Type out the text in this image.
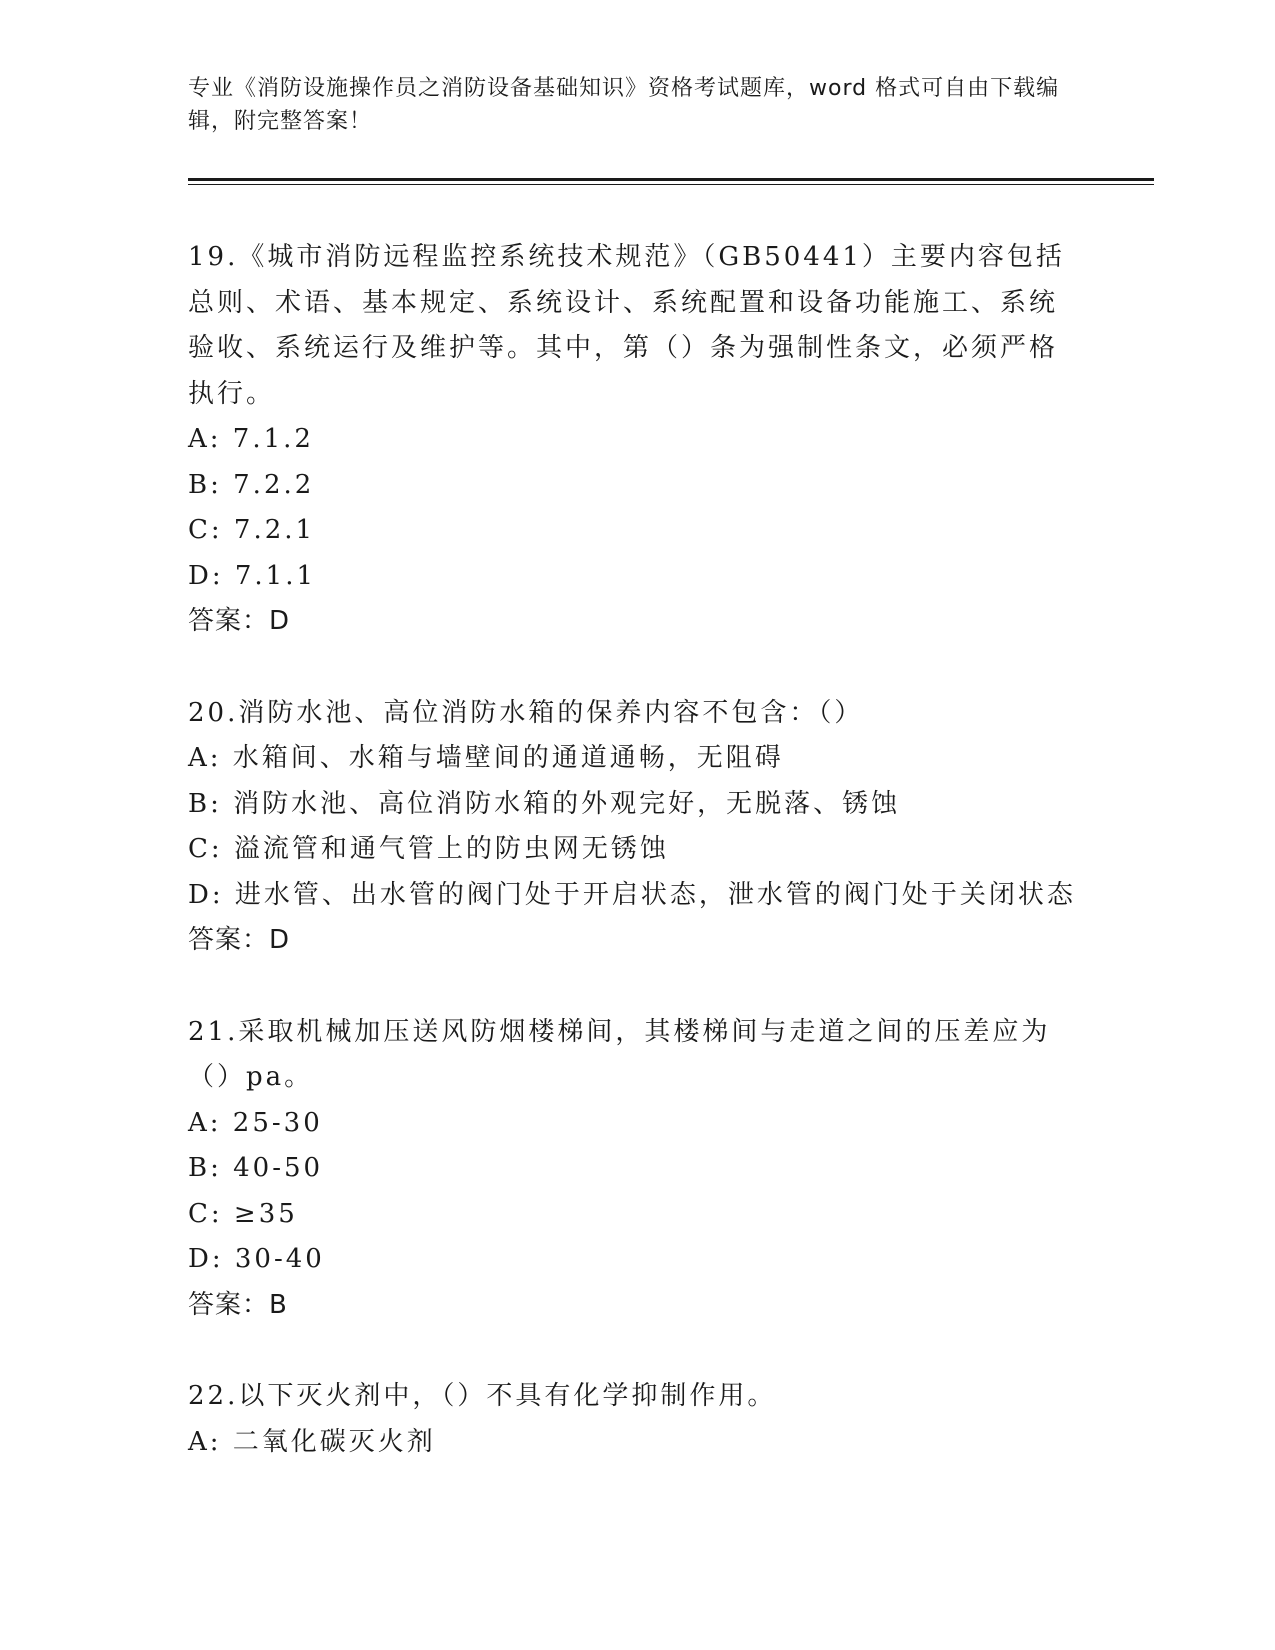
专业《消防设施操作员之消防设备基础知识》资格考试题库，word 格式可自由下载编辑，附完整答案！
19.《城市消防远程监控系统技术规范》（GB50441）主要内容包括总则、术语、基本规定、系统设计、系统配置和设备功能施工、系统验收、系统运行及维护等。其中，第（）条为强制性条文，必须严格执行。
A: 7.1.2
B: 7.2.2
C: 7.2.1
D: 7.1.1
答案：D
20.消防水池、高位消防水箱的保养内容不包含：（）
A: 水箱间、水箱与墙壁间的通道通畅，无阻碍
B: 消防水池、高位消防水箱的外观完好，无脱落、锈蚀
C: 溢流管和通气管上的防虫网无锈蚀
D: 进水管、出水管的阀门处于开启状态，泄水管的阀门处于关闭状态
答案：D
21.采取机械加压送风防烟楼梯间，其楼梯间与走道之间的压差应为（）pa。
A: 25-30
B: 40-50
C: ≥35
D: 30-40
答案：B
22.以下灭火剂中，（）不具有化学抑制作用。
A: 二氧化碳灭火剂
